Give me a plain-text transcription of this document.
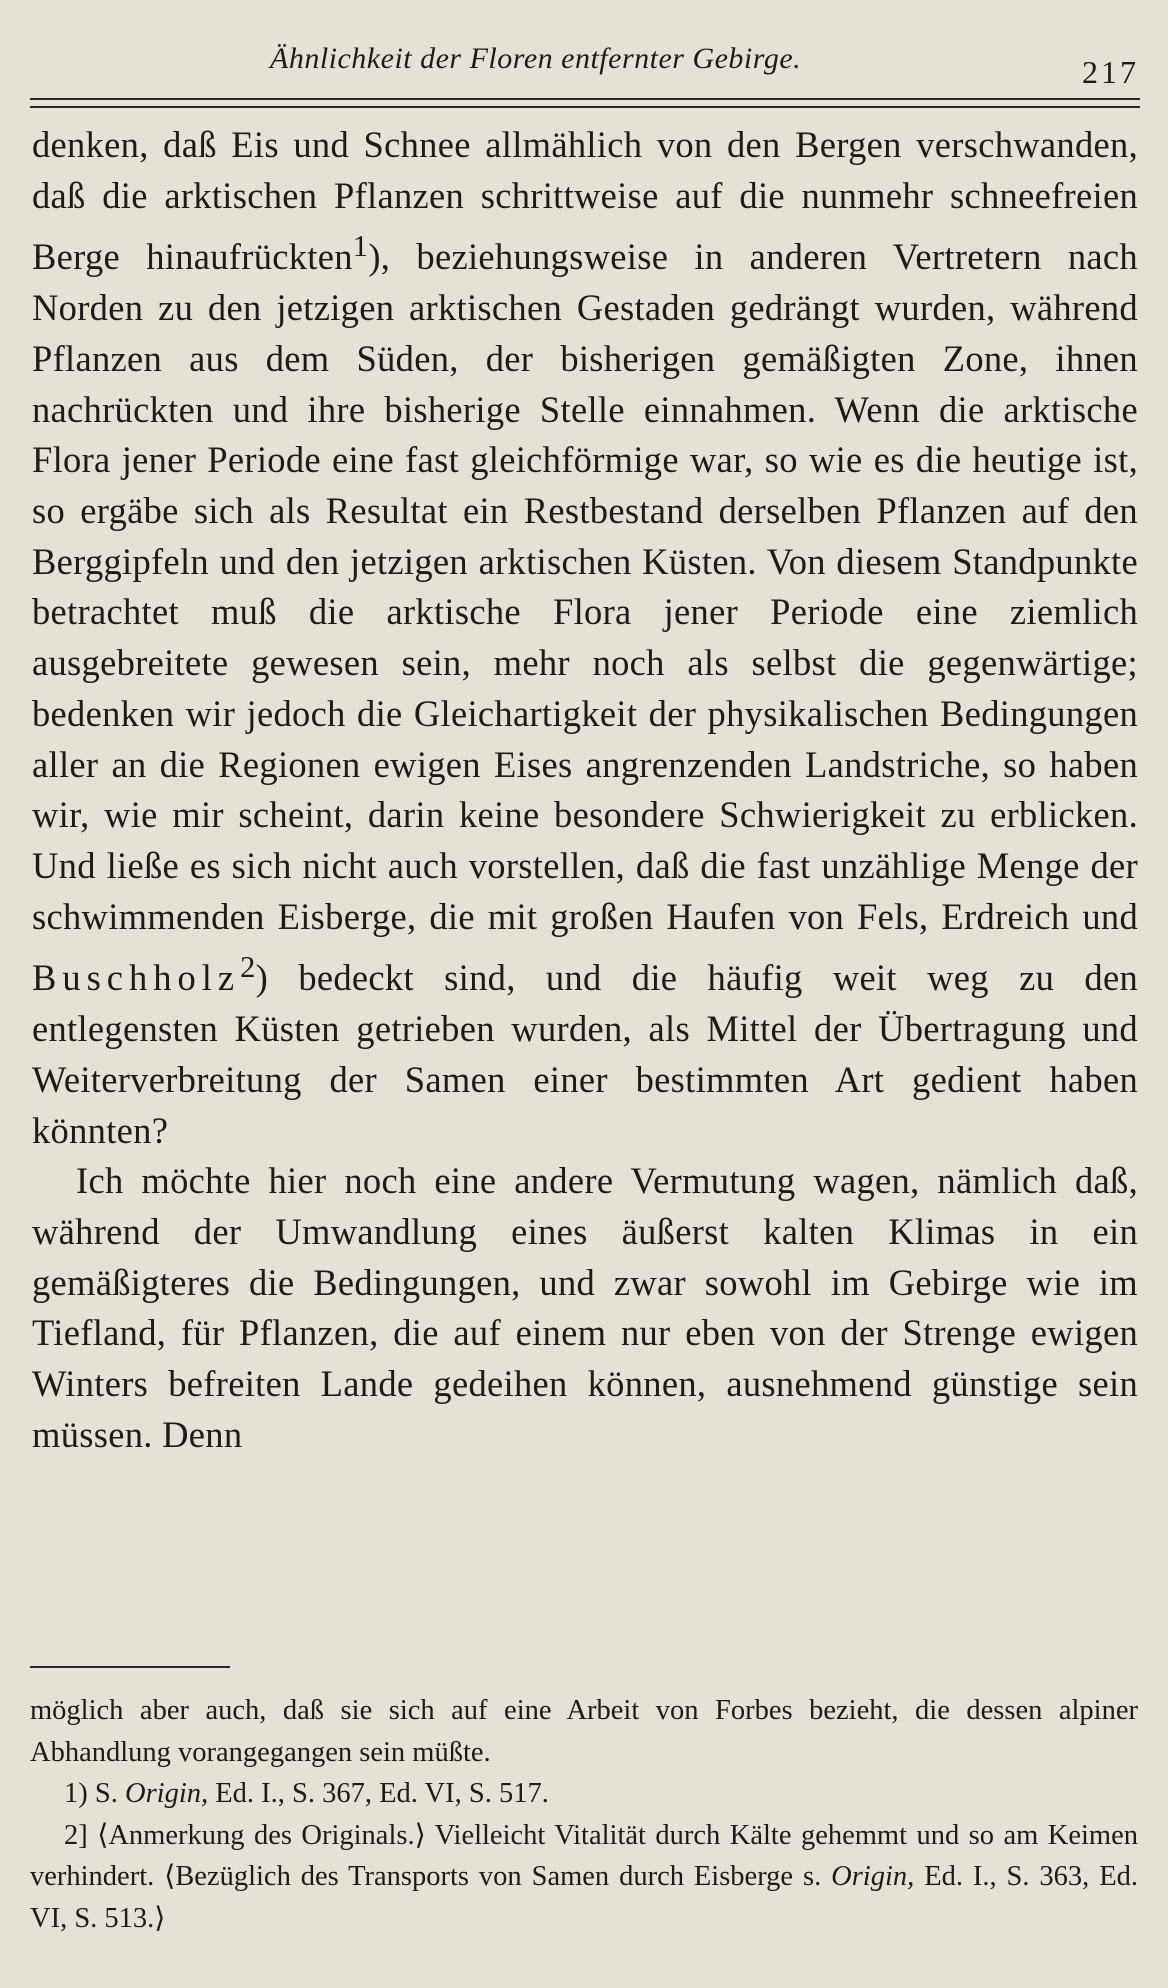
Ähnlichkeit der Floren entfernter Gebirge.	217

denken, daß Eis und Schnee allmählich von den Bergen verschwanden, daß die arktischen Pflanzen schrittweise auf die nunmehr schneefreien Berge hinaufrückten$^1$), beziehungsweise in anderen Vertretern nach Norden zu den jetzigen arktischen Gestaden gedrängt wurden, während Pflanzen aus dem Süden, der bisherigen gemäßigten Zone, ihnen nachrückten und ihre bisherige Stelle einnahmen. Wenn die arktische Flora jener Periode eine fast gleichförmige war, so wie es die heutige ist, so ergäbe sich als Resultat ein Restbestand derselben Pflanzen auf den Berggipfeln und den jetzigen arktischen Küsten. Von diesem Standpunkte betrachtet muß die arktische Flora jener Periode eine ziemlich ausgebreitete gewesen sein, mehr noch als selbst die gegenwärtige; bedenken wir jedoch die Gleichartigkeit der physikalischen Bedingungen aller an die Regionen ewigen Eises angrenzenden Landstriche, so haben wir, wie mir scheint, darin keine besondere Schwierigkeit zu erblicken. Und ließe es sich nicht auch vorstellen, daß die fast unzählige Menge der schwimmenden Eisberge, die mit großen Haufen von Fels, Erdreich und Buschholz$^2$) bedeckt sind, und die häufig weit weg zu den entlegensten Küsten getrieben wurden, als Mittel der Übertragung und Weiterverbreitung der Samen einer bestimmten Art gedient haben könnten?

Ich möchte hier noch eine andere Vermutung wagen, nämlich daß, während der Umwandlung eines äußerst kalten Klimas in ein gemäßigteres die Bedingungen, und zwar sowohl im Gebirge wie im Tiefland, für Pflanzen, die auf einem nur eben von der Strenge ewigen Winters befreiten Lande gedeihen können, ausnehmend günstige sein müssen. Denn

möglich aber auch, daß sie sich auf eine Arbeit von Forbes bezieht, die dessen alpiner Abhandlung vorangegangen sein müßte.

1) S. Origin, Ed. I., S. 367, Ed. VI, S. 517.

2] ⟨Anmerkung des Originals.⟩ Vielleicht Vitalität durch Kälte gehemmt und so am Keimen verhindert. ⟨Bezüglich des Transports von Samen durch Eisberge s. Origin, Ed. I., S. 363, Ed. VI, S. 513.⟩
